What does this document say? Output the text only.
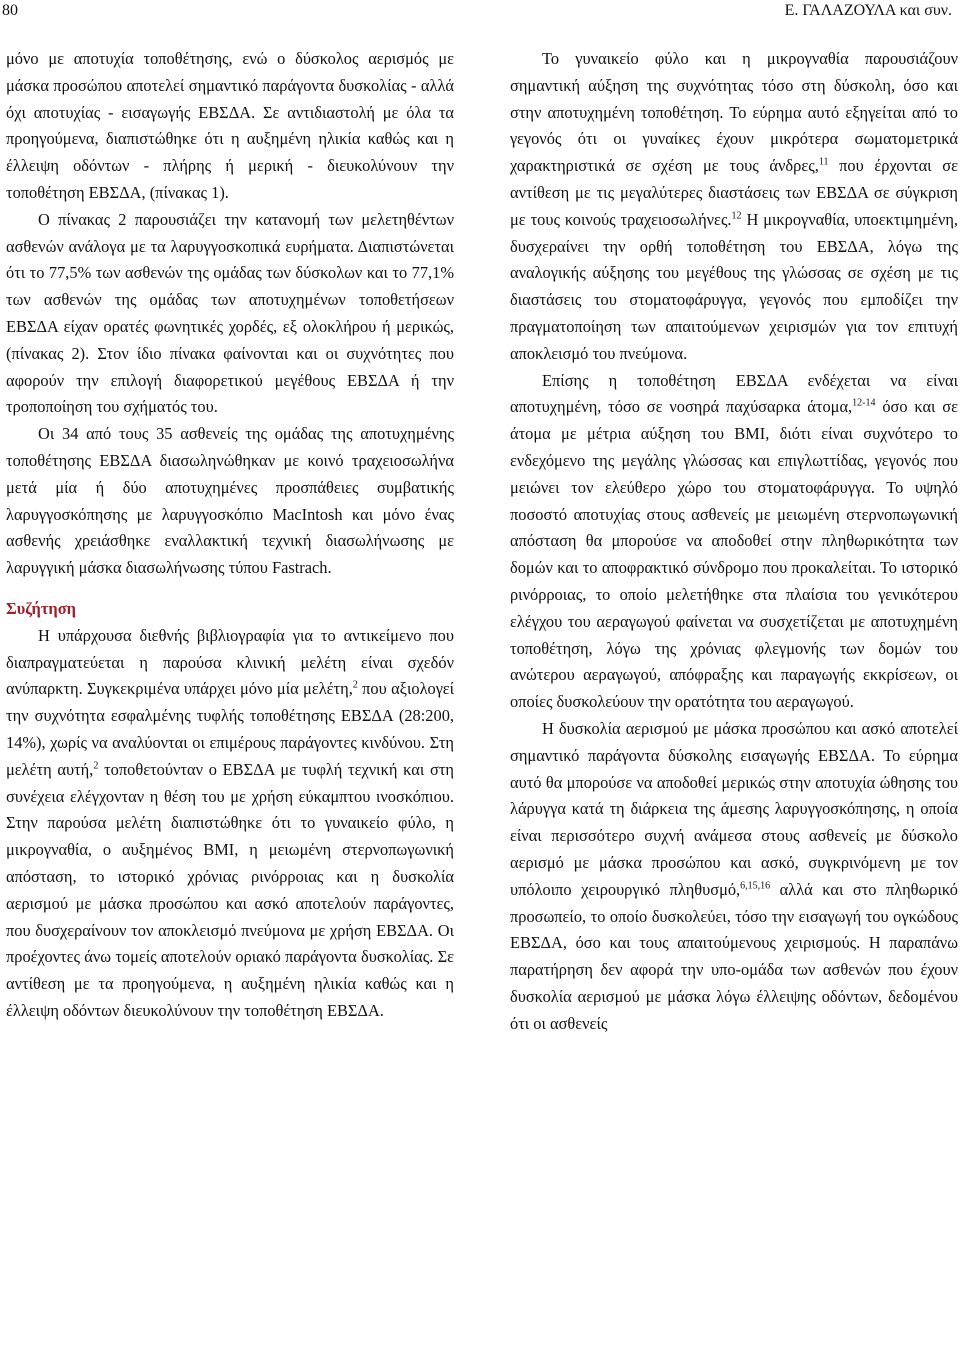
80	Ε. ΓΑΛΑΖΟΥΛΑ και συν.

μόνο με αποτυχία τοποθέτησης, ενώ ο δύσκολος αερισμός με μάσκα προσώπου αποτελεί σημαντικό παράγοντα δυσκολίας - αλλά όχι αποτυχίας - εισαγωγής ΕΒΣΔΑ. Σε αντιδιαστολή με όλα τα προηγούμενα, διαπιστώθηκε ότι η αυξημένη ηλικία καθώς και η έλλειψη οδόντων - πλήρης ή μερική - διευκολύνουν την τοποθέτηση ΕΒΣΔΑ, (πίνακας 1).

Ο πίνακας 2 παρουσιάζει την κατανομή των μελετηθέντων ασθενών ανάλογα με τα λαρυγγοσκοπικά ευρήματα. Διαπιστώνεται ότι το 77,5% των ασθενών της ομάδας των δύσκολων και το 77,1% των ασθενών της ομάδας των αποτυχημένων τοποθετήσεων ΕΒΣΔΑ είχαν ορατές φωνητικές χορδές, εξ ολοκλήρου ή μερικώς, (πίνακας 2). Στον ίδιο πίνακα φαίνονται και οι συχνότητες που αφορούν την επιλογή διαφορετικού μεγέθους ΕΒΣΔΑ ή την τροποποίηση του σχήματός του.

Οι 34 από τους 35 ασθενείς της ομάδας της αποτυχημένης τοποθέτησης ΕΒΣΔΑ διασωληνώθηκαν με κοινό τραχειοσωλήνα μετά μία ή δύο αποτυχημένες προσπάθειες συμβατικής λαρυγγοσκόπησης με λαρυγγοσκόπιο MacIntosh και μόνο ένας ασθενής χρειάσθηκε εναλλακτική τεχνική διασωλήνωσης με λαρυγγική μάσκα διασωλήνωσης τύπου Fastrach.

Συζήτηση

Η υπάρχουσα διεθνής βιβλιογραφία για το αντικείμενο που διαπραγματεύεται η παρούσα κλινική μελέτη είναι σχεδόν ανύπαρκτη. Συγκεκριμένα υπάρχει μόνο μία μελέτη,$^2$ που αξιολογεί την συχνότητα εσφαλμένης τυφλής τοποθέτησης ΕΒΣΔΑ (28:200, 14%), χωρίς να αναλύονται οι επιμέρους παράγοντες κινδύνου. Στη μελέτη αυτή,$^2$ τοποθετούνταν ο ΕΒΣΔΑ με τυφλή τεχνική και στη συνέχεια ελέγχονταν η θέση του με χρήση εύκαμπτου ινοσκόπιου. Στην παρούσα μελέτη διαπιστώθηκε ότι το γυναικείο φύλο, η μικρογναθία, ο αυξημένος BMI, η μειωμένη στερνοπωγωνική απόσταση, το ιστορικό χρόνιας ρινόρροιας και η δυσκολία αερισμού με μάσκα προσώπου και ασκό αποτελούν παράγοντες, που δυσχεραίνουν τον αποκλεισμό πνεύμονα με χρήση ΕΒΣΔΑ. Οι προέχοντες άνω τομείς αποτελούν οριακό παράγοντα δυσκολίας. Σε αντίθεση με τα προηγούμενα, η αυξημένη ηλικία καθώς και η έλλειψη οδόντων διευκολύνουν την τοποθέτηση ΕΒΣΔΑ.

Το γυναικείο φύλο και η μικρογναθία παρουσιάζουν σημαντική αύξηση της συχνότητας τόσο στη δύσκολη, όσο και στην αποτυχημένη τοποθέτηση. Το εύρημα αυτό εξηγείται από το γεγονός ότι οι γυναίκες έχουν μικρότερα σωματομετρικά χαρακτηριστικά σε σχέση με τους άνδρες,$^{11}$ που έρχονται σε αντίθεση με τις μεγαλύτερες διαστάσεις των ΕΒΣΔΑ σε σύγκριση με τους κοινούς τραχειοσωλήνες.$^{12}$ Η μικρογναθία, υποεκτιμημένη, δυσχεραίνει την ορθή τοποθέτηση του ΕΒΣΔΑ, λόγω της αναλογικής αύξησης του μεγέθους της γλώσσας σε σχέση με τις διαστάσεις του στοματοφάρυγγα, γεγονός που εμποδίζει την πραγματοποίηση των απαιτούμενων χειρισμών για τον επιτυχή αποκλεισμό του πνεύμονα.

Επίσης η τοποθέτηση ΕΒΣΔΑ ενδέχεται να είναι αποτυχημένη, τόσο σε νοσηρά παχύσαρκα άτομα,$^{12-14}$ όσο και σε άτομα με μέτρια αύξηση του BMI, διότι είναι συχνότερο το ενδεχόμενο της μεγάλης γλώσσας και επιγλωττίδας, γεγονός που μειώνει τον ελεύθερο χώρο του στοματοφάρυγγα. Το υψηλό ποσοστό αποτυχίας στους ασθενείς με μειωμένη στερνοπωγωνική απόσταση θα μπορούσε να αποδοθεί στην πληθωρικότητα των δομών και το αποφρακτικό σύνδρομο που προκαλείται. Το ιστορικό ρινόρροιας, το οποίο μελετήθηκε στα πλαίσια του γενικότερου ελέγχου του αεραγωγού φαίνεται να συσχετίζεται με αποτυχημένη τοποθέτηση, λόγω της χρόνιας φλεγμονής των δομών του ανώτερου αεραγωγού, απόφραξης και παραγωγής εκκρίσεων, οι οποίες δυσκολεύουν την ορατότητα του αεραγωγού.

Η δυσκολία αερισμού με μάσκα προσώπου και ασκό αποτελεί σημαντικό παράγοντα δύσκολης εισαγωγής ΕΒΣΔΑ. Το εύρημα αυτό θα μπορούσε να αποδοθεί μερικώς στην αποτυχία ώθησης του λάρυγγα κατά τη διάρκεια της άμεσης λαρυγγοσκόπησης, η οποία είναι περισσότερο συχνή ανάμεσα στους ασθενείς με δύσκολο αερισμό με μάσκα προσώπου και ασκό, συγκρινόμενη με τον υπόλοιπο χειρουργικό πληθυσμό,$^{6,15,16}$ αλλά και στο πληθωρικό προσωπείο, το οποίο δυσκολεύει, τόσο την εισαγωγή του ογκώδους ΕΒΣΔΑ, όσο και τους απαιτούμενους χειρισμούς. Η παραπάνω παρατήρηση δεν αφορά την υπο-ομάδα των ασθενών που έχουν δυσκολία αερισμού με μάσκα λόγω έλλειψης οδόντων, δεδομένου ότι οι ασθενείς
